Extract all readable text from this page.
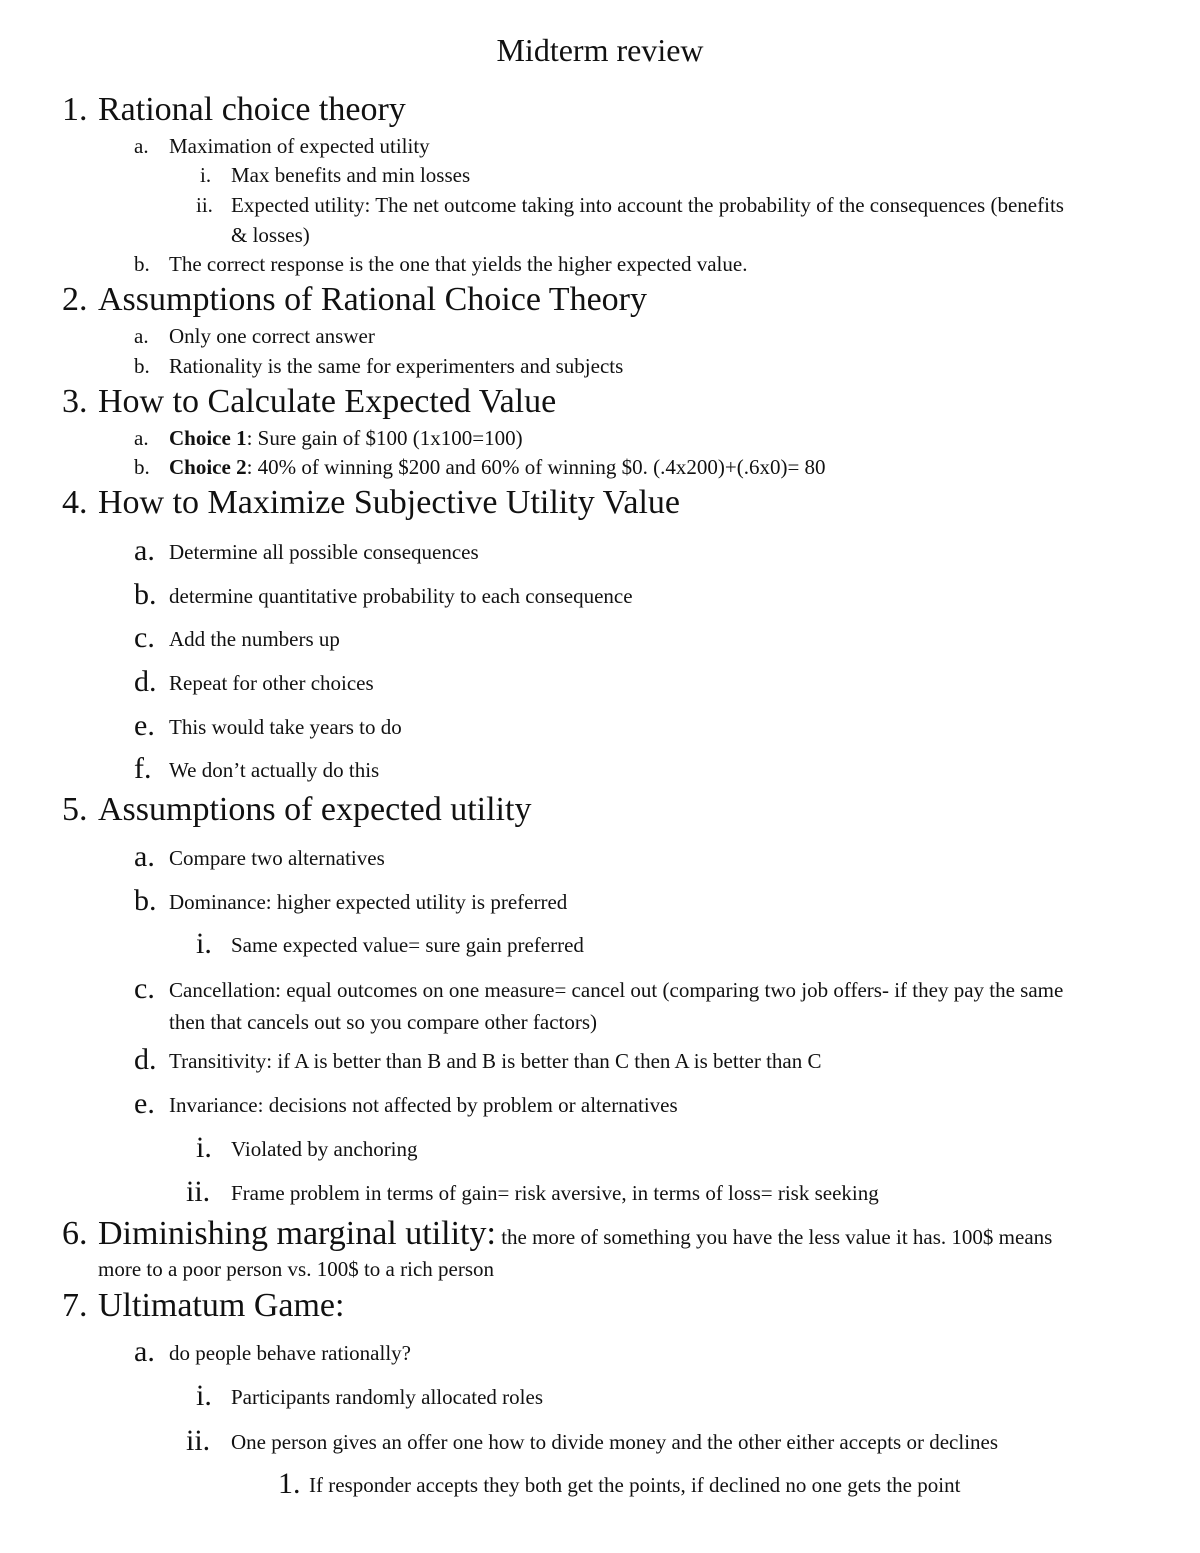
Midterm review
1. Rational choice theory
a. Maximation of expected utility
i. Max benefits and min losses
ii. Expected utility: The net outcome taking into account the probability of the consequences (benefits
& losses)
b. The correct response is the one that yields the higher expected value.
2. Assumptions of Rational Choice Theory
a. Only one correct answer
b. Rationality is the same for experimenters and subjects
3. How to Calculate Expected Value
a. Choice 1: Sure gain of $100 (1x100=100)
b. Choice 2: 40% of winning $200 and 60% of winning $0. (.4x200)+(.6x0)= 80
4. How to Maximize Subjective Utility Value
a. Determine all possible consequences
b. determine quantitative probability to each consequence
c. Add the numbers up
d. Repeat for other choices
e. This would take years to do
f. We don’t actually do this
5. Assumptions of expected utility
a. Compare two alternatives
b. Dominance: higher expected utility is preferred
i. Same expected value= sure gain preferred
c. Cancellation: equal outcomes on one measure= cancel out (comparing two job offers- if they pay the same
then that cancels out so you compare other factors)
d. Transitivity: if A is better than B and B is better than C then A is better than C
e. Invariance: decisions not affected by problem or alternatives
i. Violated by anchoring
ii. Frame problem in terms of gain= risk aversive, in terms of loss= risk seeking
6. Diminishing marginal utility: the more of something you have the less value it has. 100$ means
more to a poor person vs. 100$ to a rich person
7. Ultimatum Game:
a. do people behave rationally?
i. Participants randomly allocated roles
ii. One person gives an offer one how to divide money and the other either accepts or declines
1. If responder accepts they both get the points, if declined no one gets the point
